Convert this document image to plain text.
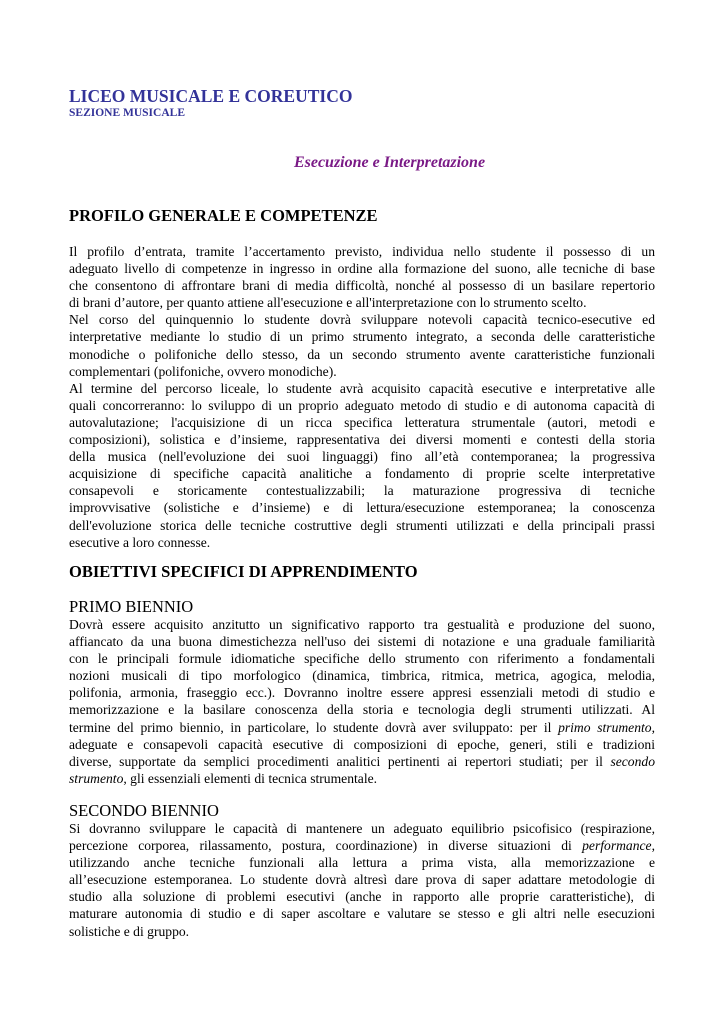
LICEO MUSICALE E COREUTICO
SEZIONE MUSICALE
Esecuzione e Interpretazione
PROFILO GENERALE E COMPETENZE
Il profilo d’entrata, tramite l’accertamento previsto, individua nello studente il possesso di un
adeguato livello di competenze in ingresso in ordine alla formazione del suono, alle tecniche di base
che consentono di affrontare brani di media difficoltà, nonché al possesso di un basilare repertorio
di brani d’autore, per quanto attiene all'esecuzione e all'interpretazione con lo strumento scelto.
Nel corso del quinquennio lo studente dovrà sviluppare notevoli capacità tecnico-esecutive ed
interpretative mediante lo studio di un primo strumento integrato, a seconda delle caratteristiche
monodiche o polifoniche dello stesso, da un secondo strumento avente caratteristiche funzionali
complementari (polifoniche, ovvero monodiche).
Al termine del percorso liceale, lo studente avrà acquisito capacità esecutive e interpretative alle
quali concorreranno: lo sviluppo di un proprio adeguato metodo di studio e di autonoma capacità di
autovalutazione; l'acquisizione di un ricca specifica letteratura strumentale (autori, metodi e
composizioni), solistica e d’insieme, rappresentativa dei diversi momenti e contesti della storia
della musica (nell'evoluzione dei suoi linguaggi) fino all’età contemporanea; la progressiva
acquisizione di specifiche capacità analitiche a fondamento di proprie scelte interpretative
consapevoli e storicamente contestualizzabili; la maturazione progressiva di tecniche
improvvisative (solistiche e d’insieme) e di lettura/esecuzione estemporanea; la conoscenza
dell'evoluzione storica delle tecniche costruttive degli strumenti utilizzati e della principali prassi
esecutive a loro connesse.
OBIETTIVI SPECIFICI DI APPRENDIMENTO
PRIMO BIENNIO
Dovrà essere acquisito anzitutto un significativo rapporto tra gestualità e produzione del suono,
affiancato da una buona dimestichezza nell'uso dei sistemi di notazione e una graduale familiarità
con le principali formule idiomatiche specifiche dello strumento con riferimento a fondamentali
nozioni musicali di tipo morfologico (dinamica, timbrica, ritmica, metrica, agogica, melodia,
polifonia, armonia, fraseggio ecc.). Dovranno inoltre essere appresi essenziali metodi di studio e
memorizzazione e la basilare conoscenza della storia e tecnologia degli strumenti utilizzati. Al
termine del primo biennio, in particolare, lo studente dovrà aver sviluppato: per il primo strumento,
adeguate e consapevoli capacità esecutive di composizioni di epoche, generi, stili e tradizioni
diverse, supportate da semplici procedimenti analitici pertinenti ai repertori studiati; per il secondo
strumento, gli essenziali elementi di tecnica strumentale.
SECONDO BIENNIO
Si dovranno sviluppare le capacità di mantenere un adeguato equilibrio psicofisico (respirazione,
percezione corporea, rilassamento, postura, coordinazione) in diverse situazioni di performance,
utilizzando anche tecniche funzionali alla lettura a prima vista, alla memorizzazione e
all’esecuzione estemporanea. Lo studente dovrà altresì dare prova di saper adattare metodologie di
studio alla soluzione di problemi esecutivi (anche in rapporto alle proprie caratteristiche), di
maturare autonomia di studio e di saper ascoltare e valutare se stesso e gli altri nelle esecuzioni
solistiche e di gruppo.
